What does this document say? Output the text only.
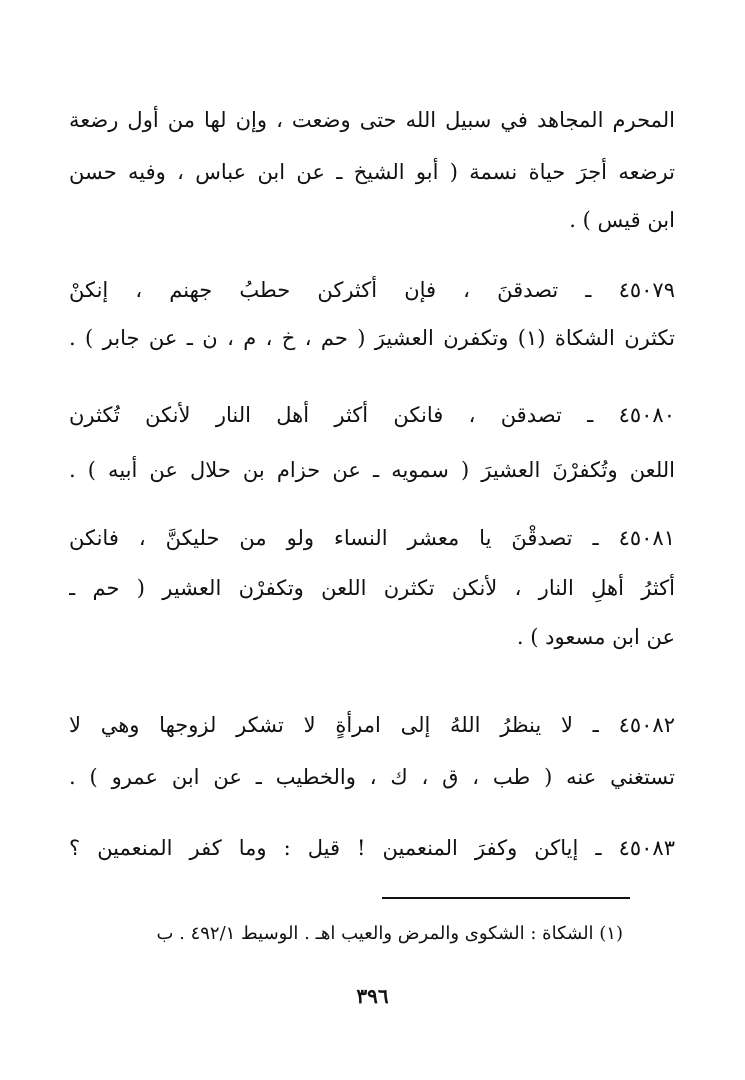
المحرم المجاهد في سبيل الله حتى وضعت ، وإن لها من أول رضعة
ترضعه أجرَ حياة نسمة ( أبو الشيخ ـ عن ابن عباس ، وفيه حسن
ابن قيس ) .
٤٥٠٧٩ ـ تصدقنَ ، فإن أكثركن حطبُ جهنم ، إنكنْ
تكثرن الشكاة (١) وتكفرن العشيرَ ( حم ، خ ، م ، ن ـ عن جابر ) .
٤٥٠٨٠ ـ تصدقن ، فانكن أكثر أهل النار لأنكن تُكثرن
اللعن وتُكفرْنَ العشيرَ ( سمويه ـ عن حزام بن حلال عن أبيه ) .
٤٥٠٨١ ـ تصدقْنَ يا معشر النساء ولو من حليكنَّ ، فانكن
أكثرُ أهلِ النار ، لأنكن تكثرن اللعن وتكفرْن العشير ( حم ـ
عن ابن مسعود ) .
٤٥٠٨٢ ـ لا ينظرُ اللهُ إلى امرأةٍ لا تشكر لزوجها وهي لا
تستغني عنه ( طب ، ق ، ك ، والخطيب ـ عن ابن عمرو ) .
٤٥٠٨٣ ـ إياكن وكفرَ المنعمين ! قيل : وما كفر المنعمين ؟
(١) الشكاة : الشكوى والمرض والعيب اهـ . الوسيط ٤٩٢/١ . ب
٣٩٦
